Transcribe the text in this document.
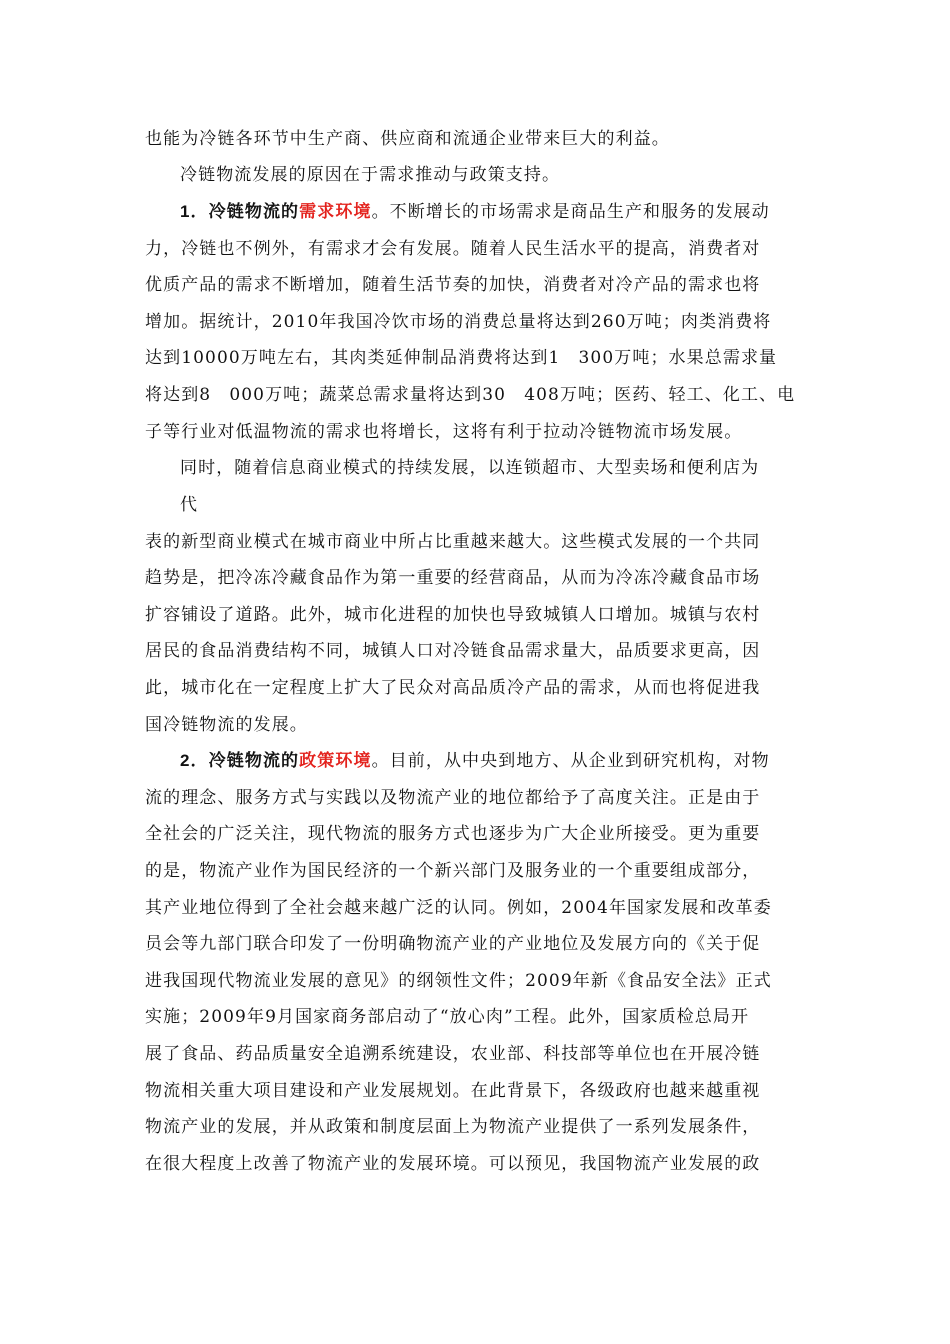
也能为冷链各环节中生产商、供应商和流通企业带来巨大的利益。
冷链物流发展的原因在于需求推动与政策支持。
1．冷链物流的需求环境。不断增长的市场需求是商品生产和服务的发展动
力，冷链也不例外，有需求才会有发展。随着人民生活水平的提高，消费者对
优质产品的需求不断增加，随着生活节奏的加快，消费者对冷产品的需求也将
增加。据统计，2010年我国冷饮市场的消费总量将达到260万吨；肉类消费将
达到10000万吨左右，其肉类延伸制品消费将达到1　300万吨；水果总需求量
将达到8　000万吨；蔬菜总需求量将达到30　408万吨；医药、轻工、化工、电
子等行业对低温物流的需求也将增长，这将有利于拉动冷链物流市场发展。
同时，随着信息商业模式的持续发展，以连锁超市、大型卖场和便利店为
代
表的新型商业模式在城市商业中所占比重越来越大。这些模式发展的一个共同
趋势是，把冷冻冷藏食品作为第一重要的经营商品，从而为冷冻冷藏食品市场
扩容铺设了道路。此外，城市化进程的加快也导致城镇人口增加。城镇与农村
居民的食品消费结构不同，城镇人口对冷链食品需求量大，品质要求更高，因
此，城市化在一定程度上扩大了民众对高品质冷产品的需求，从而也将促进我
国冷链物流的发展。
2．冷链物流的政策环境。目前，从中央到地方、从企业到研究机构，对物
流的理念、服务方式与实践以及物流产业的地位都给予了高度关注。正是由于
全社会的广泛关注，现代物流的服务方式也逐步为广大企业所接受。更为重要
的是，物流产业作为国民经济的一个新兴部门及服务业的一个重要组成部分，
其产业地位得到了全社会越来越广泛的认同。例如，2004年国家发展和改革委
员会等九部门联合印发了一份明确物流产业的产业地位及发展方向的《关于促
进我国现代物流业发展的意见》的纲领性文件；2009年新《食品安全法》正式
实施；2009年9月国家商务部启动了“放心肉”工程。此外，国家质检总局开
展了食品、药品质量安全追溯系统建设，农业部、科技部等单位也在开展冷链
物流相关重大项目建设和产业发展规划。在此背景下，各级政府也越来越重视
物流产业的发展，并从政策和制度层面上为物流产业提供了一系列发展条件，
在很大程度上改善了物流产业的发展环境。可以预见，我国物流产业发展的政
